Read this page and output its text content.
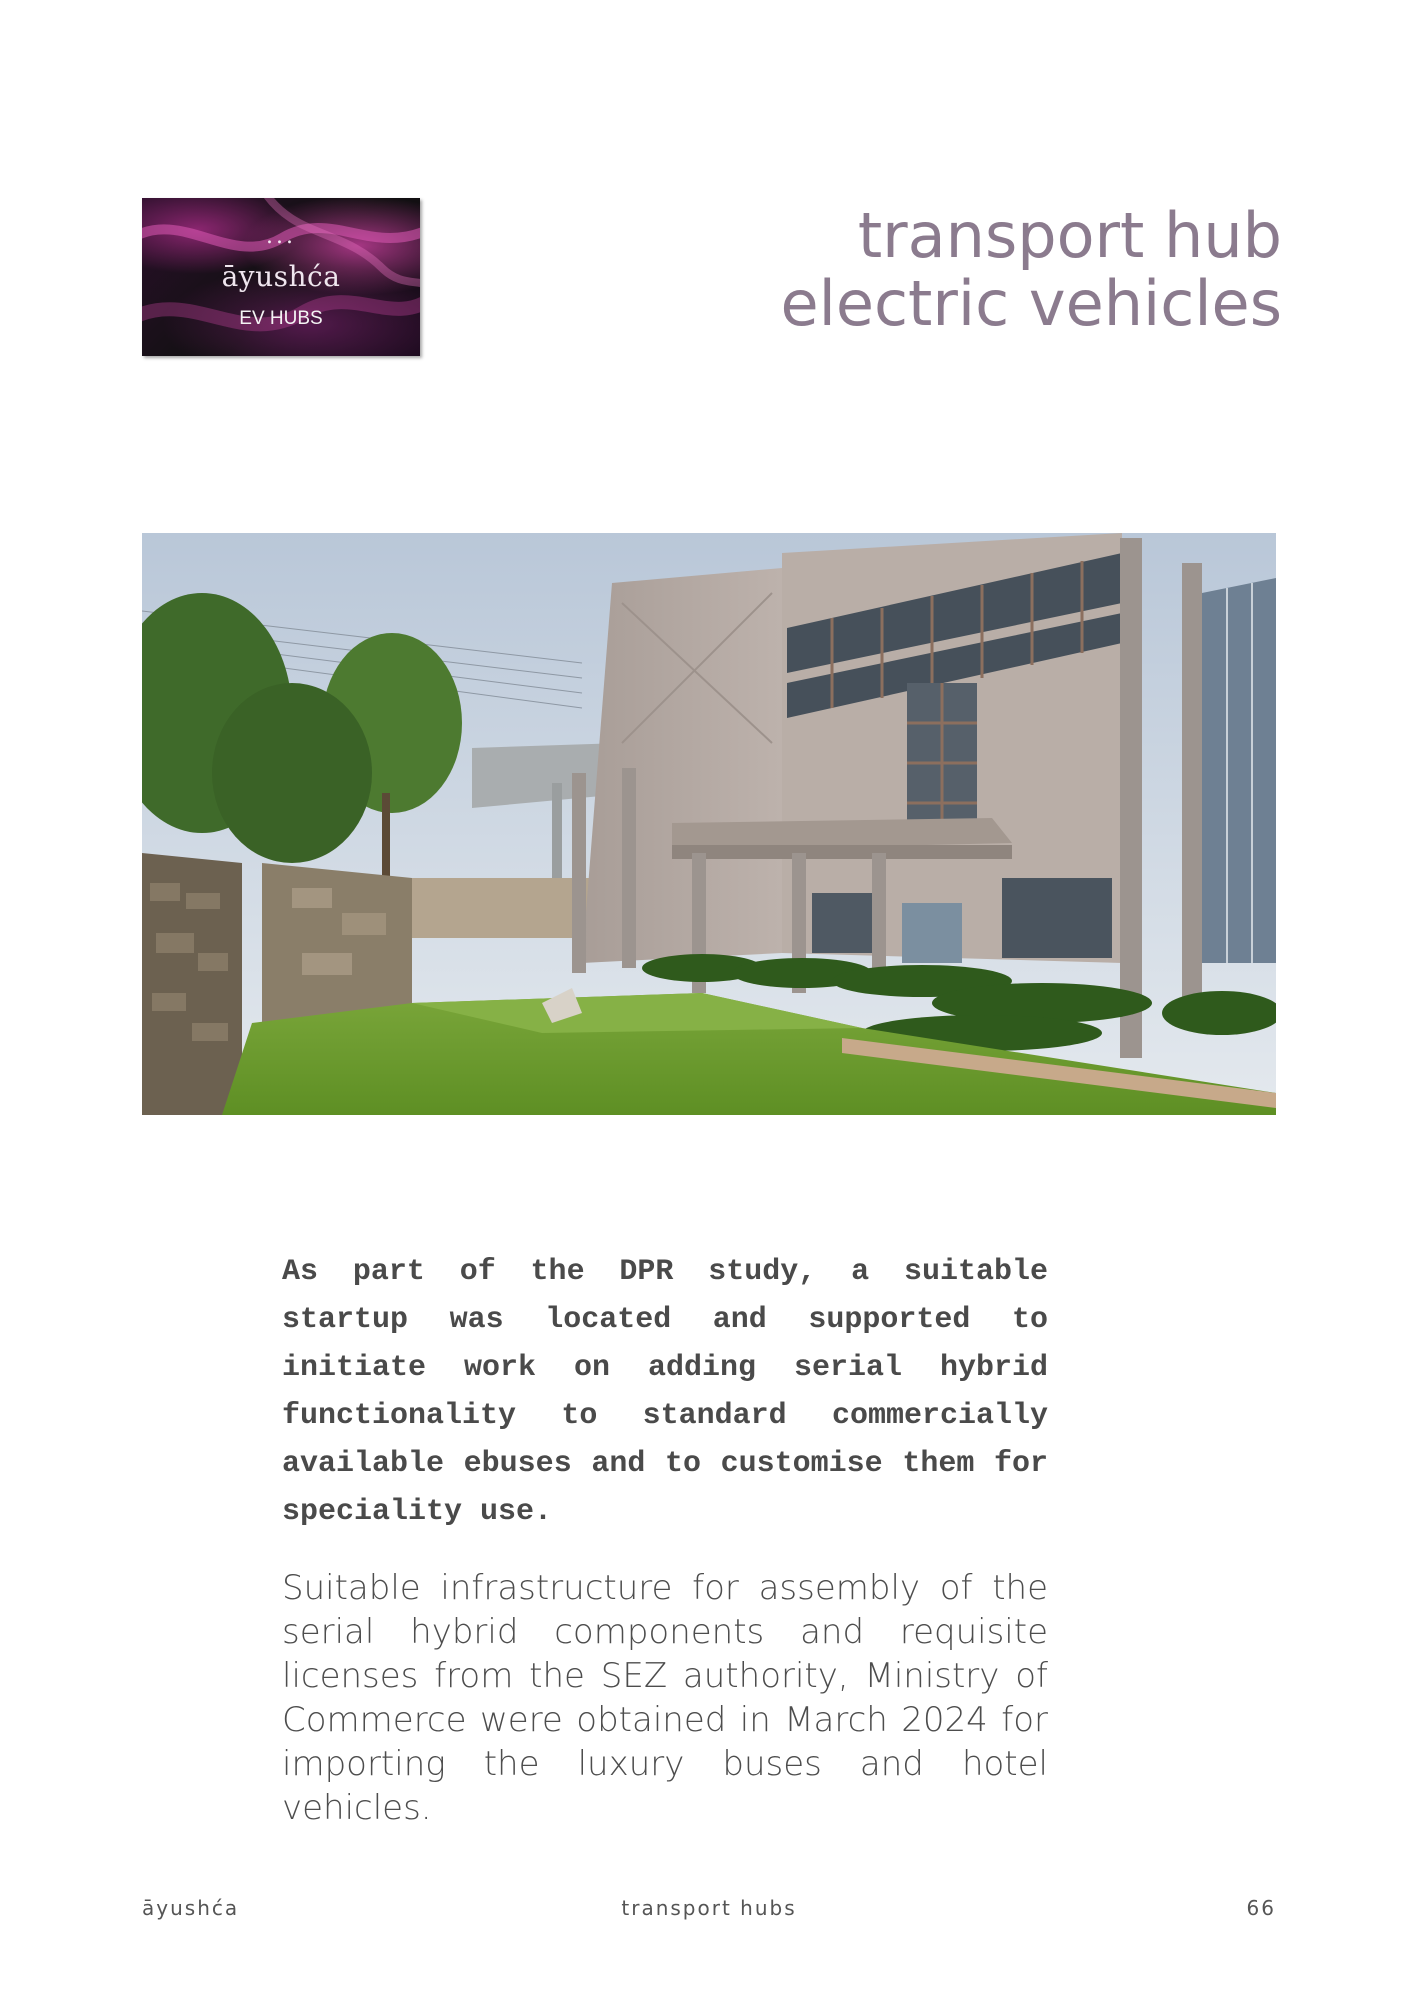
...
āyushća
EV HUBS
transport hub
electric vehicles

As part of the DPR study, a suitable startup was located and supported to initiate work on adding serial hybrid functionality to standard commercially available ebuses and to customise them for speciality use.

Suitable infrastructure for assembly of the serial hybrid components and requisite licenses from the SEZ authority, Ministry of Commerce were obtained in March 2024 for importing the luxury buses and hotel vehicles.

āyushća	transport hubs	66
